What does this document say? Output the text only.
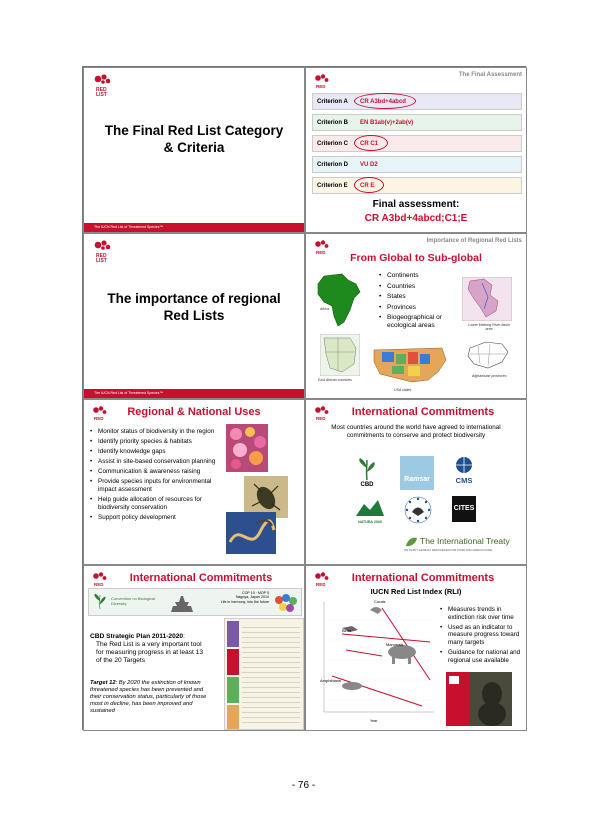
RED
LIST
The Final Red List Category
& Criteria
The IUCN Red List of Threatened Species™
RED
The Final Assessment
Criterion A CR A3bd+4abcd
Criterion B EN B1ab(v)+2ab(v)
Criterion C CR C1
Criterion D VU D2
Criterion E CR E
Final assessment:
CR A3bd+4abcd;C1;E
RED
LIST
The importance of regional
Red Lists
The IUCN Red List of Threatened Species™
RED
Importance of Regional Red Lists
From Global to Sub-global
Africa
• Continents
• Countries
• States
• Provinces
• Biogeographical or ecological areas	Lower Mekong River basin area
East African countries
USA states
Afghanistan provinces
RED
Regional & National Uses
• Monitor status of biodiversity in the region
• Identify priority species & habitats
• Identify knowledge gaps
• Assist in site-based conservation planning
• Communication & awareness raising
• Provide species inputs for environmental impact assessment
• Help guide allocation of resources for biodiversity conservation
• Support policy development
RED
International Commitments
Most countries around the world have agreed to international commitments to conserve and protect biodiversity
CBD
Ramsar	CMS
NATURA 2000
CITES
The International Treaty
ON PLANT GENETIC RESOURCES FOR FOOD AND AGRICULTURE
RED
International Commitments
Convention on Biological Diversity
COP 10 · MOP 5
Nagoya, Japan 2010
Life in harmony, into the future
CBD Strategic Plan 2011-2020:
The Red List is a very important tool for measuring progress in at least 13 of the 20 Targets
Target 12: By 2020 the extinction of known threatened species has been prevented and their conservation status, particularly of those most in decline, has been improved and sustained
RED
International Commitments
IUCN Red List Index (RLI)
Corals
Birds
Mammals
Amphibians
Year
• Measures trends in extinction risk over time
• Used as an indicator to measure progress toward many targets
• Guidance for national and regional use available
- 76 -
